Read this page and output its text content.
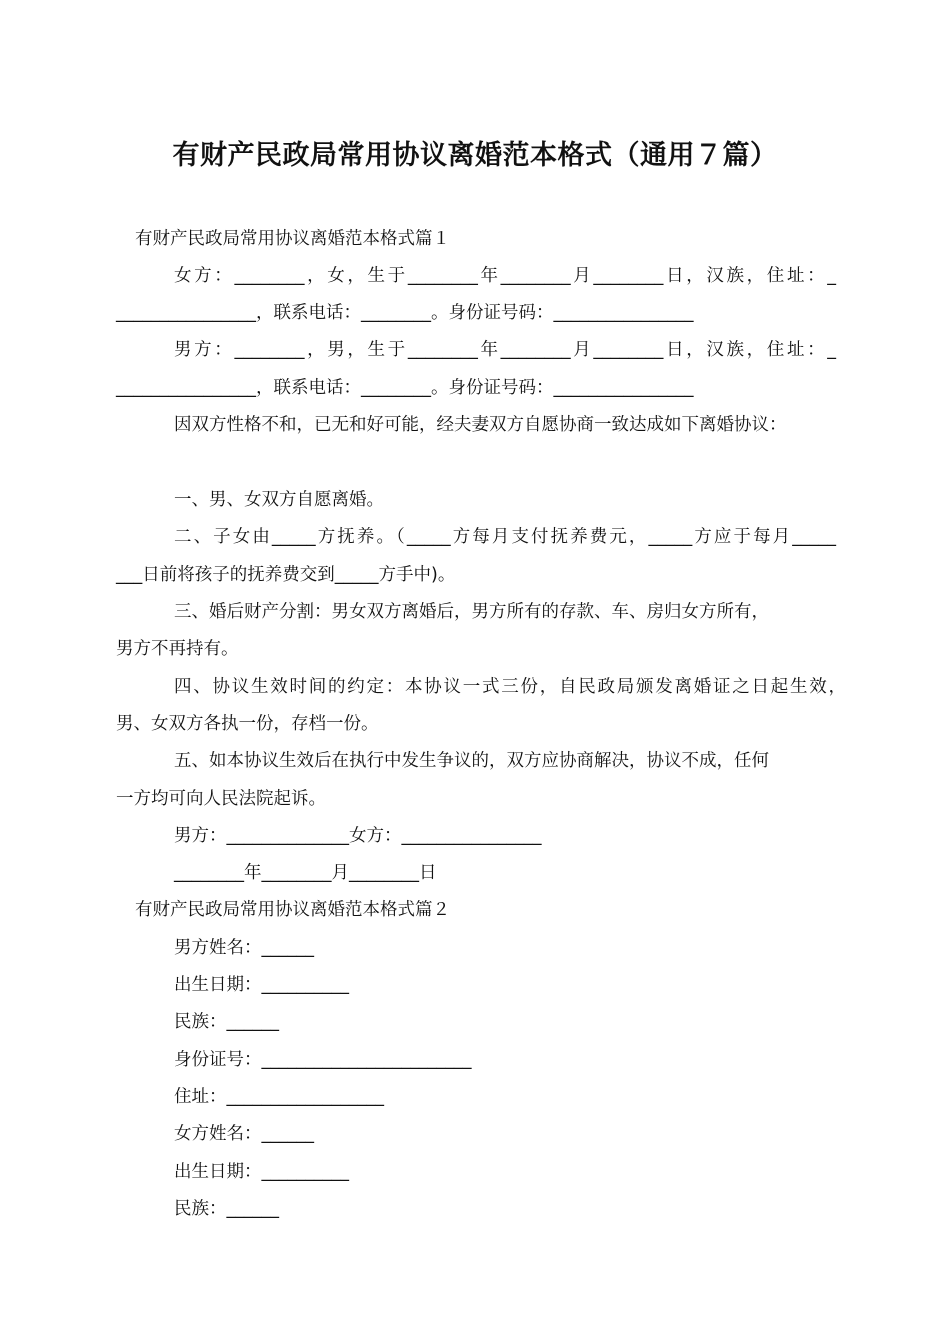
有财产民政局常用协议离婚范本格式（通用７篇）
有财产民政局常用协议离婚范本格式篇１
女方：________，女，生于________年________月________日，汉族，住址：_
________________，联系电话：________。身份证号码：________________
男方：________，男，生于________年________月________日，汉族，住址：_
________________，联系电话：________。身份证号码：________________
因双方性格不和，已无和好可能，经夫妻双方自愿协商一致达成如下离婚协议：
一、男、女双方自愿离婚。
二、子女由_____方抚养。（_____方每月支付抚养费元，_____方应于每月_____
___日前将孩子的抚养费交到_____方手中)。
三、婚后财产分割：男女双方离婚后，男方所有的存款、车、房归女方所有，
男方不再持有。
四、协议生效时间的约定：本协议一式三份，自民政局颁发离婚证之日起生效，
男、女双方各执一份，存档一份。
五、如本协议生效后在执行中发生争议的，双方应协商解决，协议不成，任何
一方均可向人民法院起诉。
男方：______________女方：________________
________年________月________日
有财产民政局常用协议离婚范本格式篇２
男方姓名：______
出生日期：__________
民族：______
身份证号：________________________
住址：__________________
女方姓名：______
出生日期：__________
民族：______
